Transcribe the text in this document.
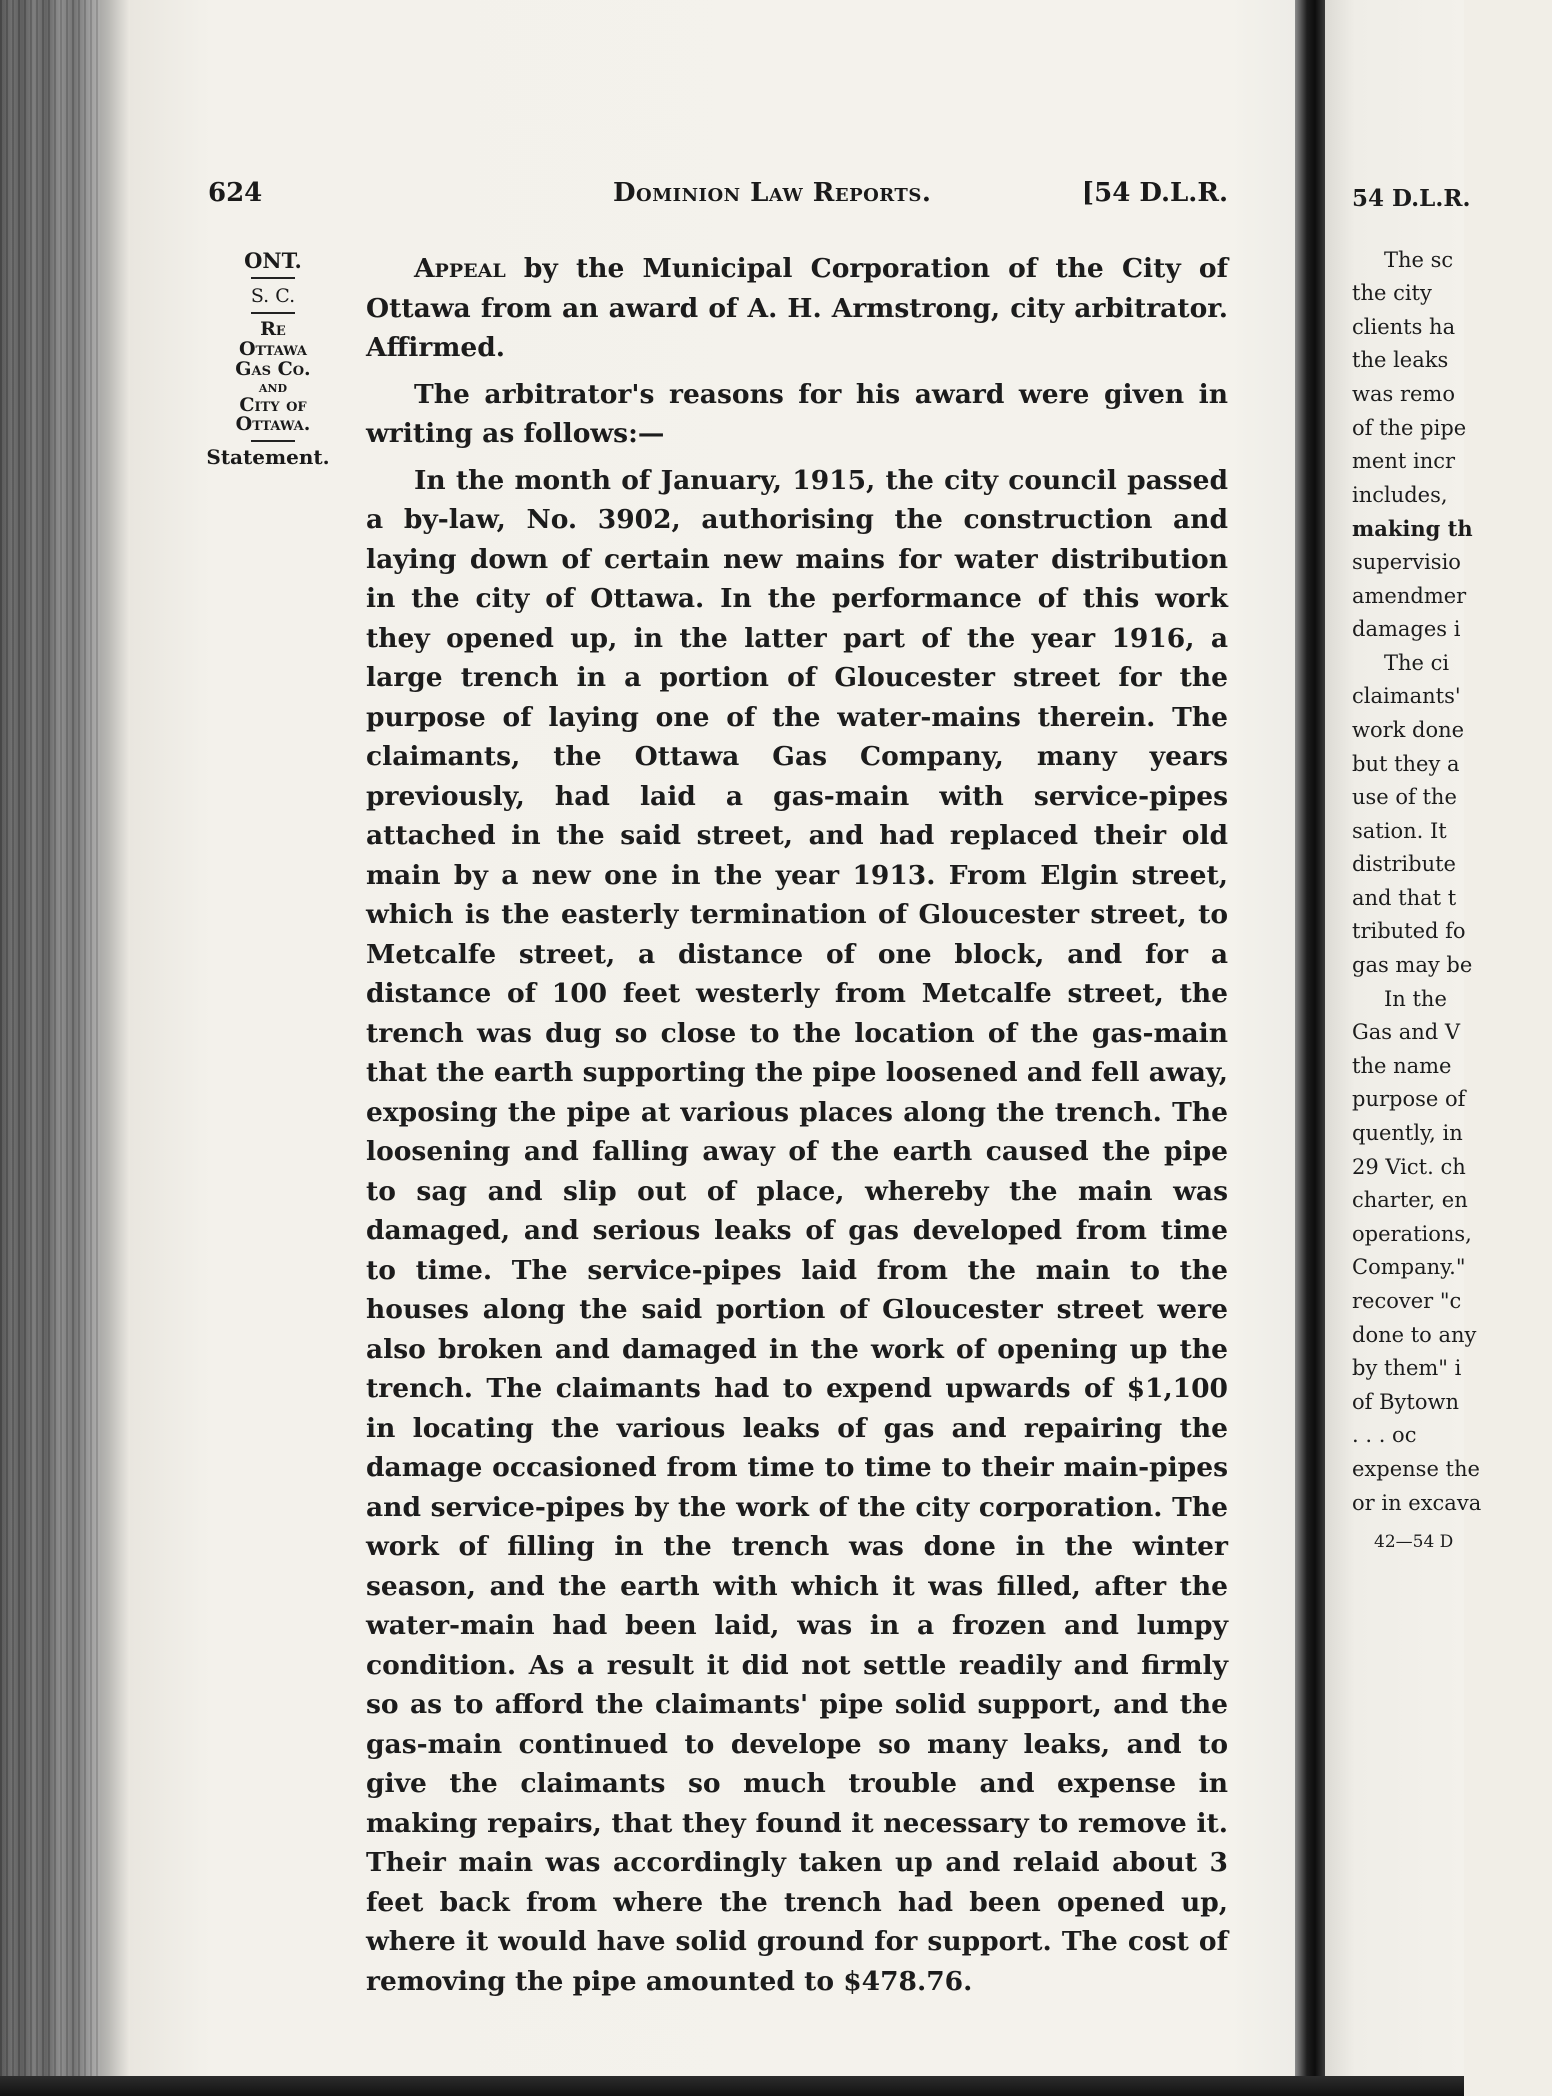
624	Dominion Law Reports.	[54 D.L.R.
ONT.
S. C.
Re
Ottawa
Gas Co.
and
City of
Ottawa.
Statement.

Appeal by the Municipal Corporation of the City of Ottawa from an award of A. H. Armstrong, city arbitrator. Affirmed.

The arbitrator's reasons for his award were given in writing as follows:—

In the month of January, 1915, the city council passed a by-law, No. 3902, authorising the construction and laying down of certain new mains for water distribution in the city of Ottawa. In the performance of this work they opened up, in the latter part of the year 1916, a large trench in a portion of Gloucester street for the purpose of laying one of the water-mains therein. The claimants, the Ottawa Gas Company, many years previously, had laid a gas-main with service-pipes attached in the said street, and had replaced their old main by a new one in the year 1913. From Elgin street, which is the easterly termination of Gloucester street, to Metcalfe street, a distance of one block, and for a distance of 100 feet westerly from Metcalfe street, the trench was dug so close to the location of the gas-main that the earth supporting the pipe loosened and fell away, exposing the pipe at various places along the trench. The loosening and falling away of the earth caused the pipe to sag and slip out of place, whereby the main was damaged, and serious leaks of gas developed from time to time. The service-pipes laid from the main to the houses along the said portion of Gloucester street were also broken and damaged in the work of opening up the trench. The claimants had to expend upwards of $1,100 in locating the various leaks of gas and repairing the damage occasioned from time to time to their main-pipes and service-pipes by the work of the city corporation. The work of filling in the trench was done in the winter season, and the earth with which it was filled, after the water-main had been laid, was in a frozen and lumpy condition. As a result it did not settle readily and firmly so as to afford the claimants' pipe solid support, and the gas-main continued to develope so many leaks, and to give the claimants so much trouble and expense in making repairs, that they found it necessary to remove it. Their main was accordingly taken up and relaid about 3 feet back from where the trench had been opened up, where it would have solid ground for support. The cost of removing the pipe amounted to $478.76.

54 D.L.R.
The sc
the city
clients ha
the leaks
was remo
of the pipe
ment incr
includes,
making th
supervisio
amendmer
damages i
The ci
claimants'
work done
but they a
use of the
sation. It
distribute
and that t
tributed fo
gas may be
In the
Gas and V
the name
purpose of
quently, in
29 Vict. ch
charter, en
operations,
Company."
recover "c
done to any
by them" i
of Bytown
. . . oc
expense the
or in excava
42—54 D
